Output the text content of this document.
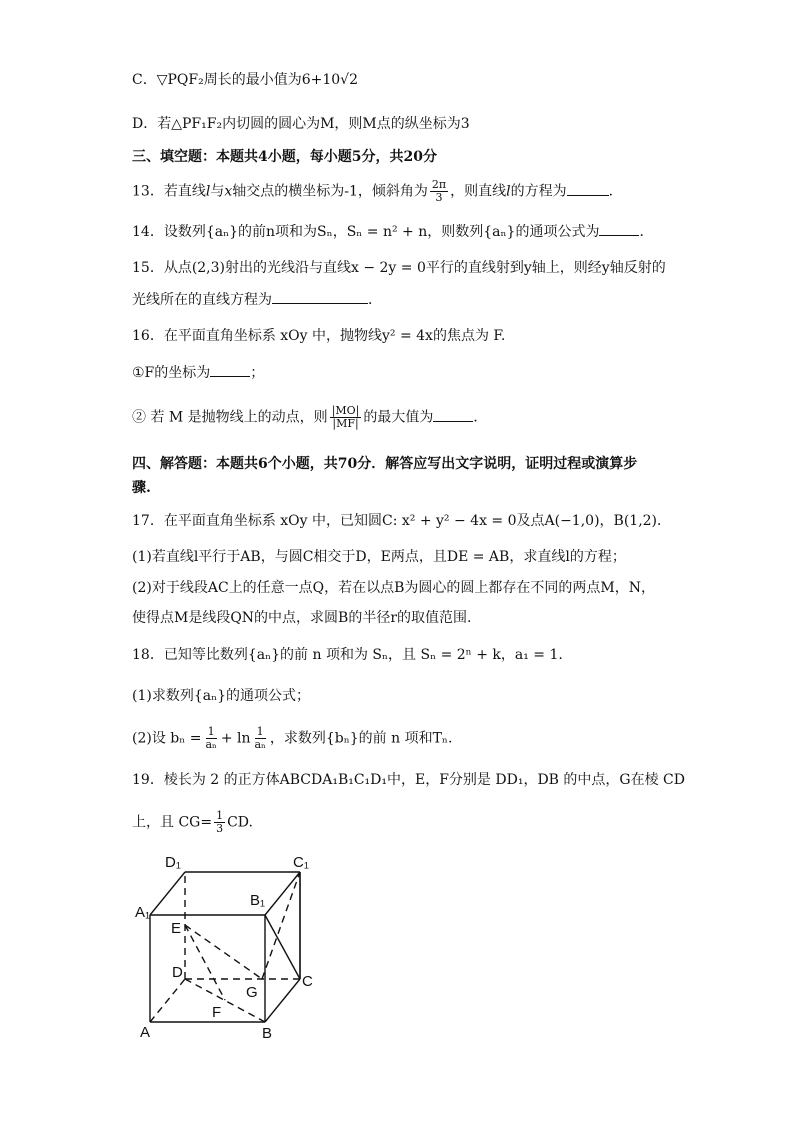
C．▽PQF₂周长的最小值为6+10√2
D．若△PF₁F₂内切圆的圆心为M，则M点的纵坐标为3
三、填空题：本题共4小题，每小题5分，共20分
13．若直线l与x轴交点的横坐标为-1，倾斜角为 $\frac{2\pi}{3}$ ，则直线l的方程为	．
14．设数列{aₙ}的前n项和为Sₙ，Sₙ = n² + n，则数列{aₙ}的通项公式为	．
15．从点(2,3)射出的光线沿与直线x − 2y = 0平行的直线射到y轴上，则经y轴反射的
光线所在的直线方程为	．
16．在平面直角坐标系 xOy 中，抛物线y² = 4x的焦点为 F.
①F的坐标为	；
② 若 M 是抛物线上的动点，则 $\frac{|MO|}{|MF|}$ 的最大值为	．
四、解答题：本题共6个小题，共70分．解答应写出文字说明，证明过程或演算步
骤.
17．在平面直角坐标系 xOy 中，已知圆C: x² + y² − 4x = 0及点A(−1,0)，B(1,2)．
(1)若直线l平行于AB，与圆C相交于D，E两点，且DE = AB，求直线l的方程；
(2)对于线段AC上的任意一点Q，若在以点B为圆心的圆上都存在不同的两点M，N，
使得点M是线段QN的中点，求圆B的半径r的取值范围.
18．已知等比数列{aₙ}的前 n 项和为 Sₙ，且 Sₙ = 2ⁿ + k，a₁ = 1.
(1)求数列{aₙ}的通项公式；
(2)设 $b_n = \frac{1}{\text{aₙ}} + \ln \frac{1}{\text{aₙ}}$ ，求数列{bₙ}的前 n 项和Tₙ.
19．棱长为 2 的正方体ABCDA₁B₁C₁D₁中，E，F分别是 DD₁，DB 的中点，G在棱 CD
上，且 $CG= \frac{1}{3}$ CD.
D₁	C₁
B₁
A₁
E
D
C
G
F
A	B
